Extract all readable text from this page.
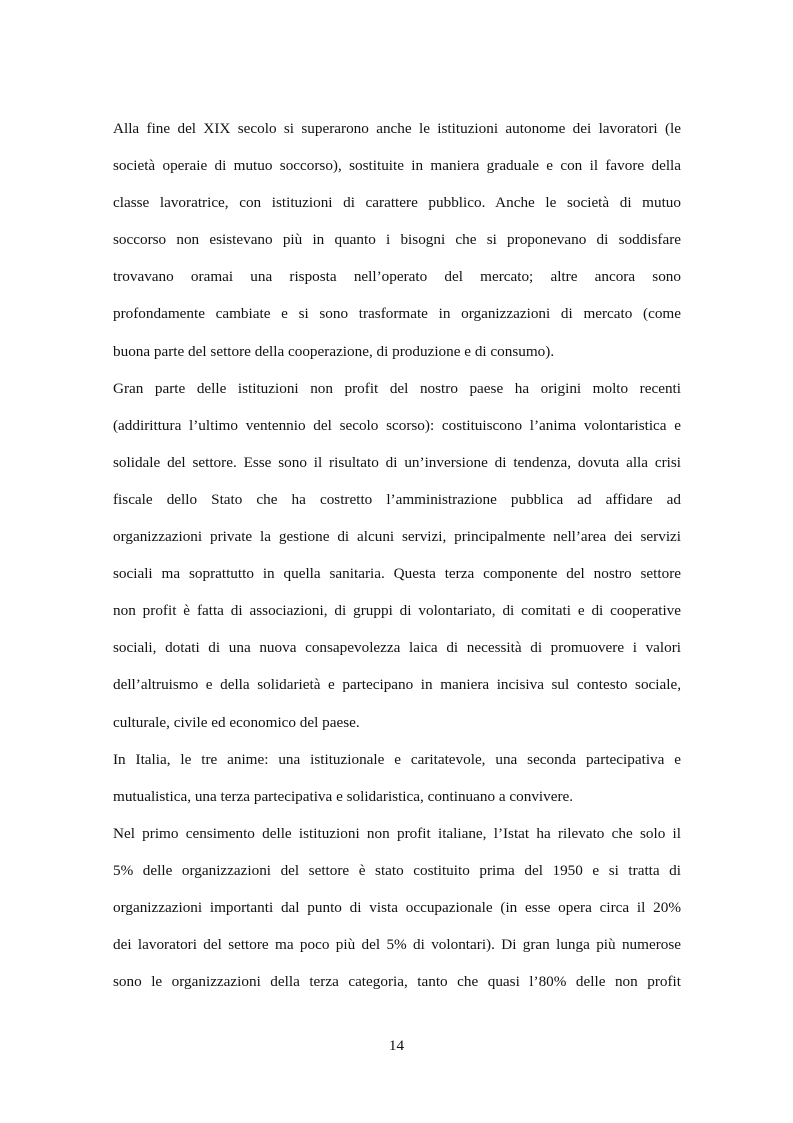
Alla fine del XIX secolo si superarono anche le istituzioni autonome dei lavoratori (le
società operaie di mutuo soccorso), sostituite in maniera graduale e con il favore della
classe lavoratrice, con istituzioni di carattere pubblico. Anche le società di mutuo
soccorso non esistevano più in quanto i bisogni che si proponevano di soddisfare
trovavano oramai una risposta nell’operato del mercato; altre ancora sono
profondamente cambiate e si sono trasformate in organizzazioni di mercato (come
buona parte del settore della cooperazione, di produzione e di consumo).
Gran parte delle istituzioni non profit del nostro paese ha origini molto recenti
(addirittura l’ultimo ventennio del secolo scorso): costituiscono l’anima volontaristica e
solidale del settore. Esse sono il risultato di un’inversione di tendenza, dovuta alla crisi
fiscale dello Stato che ha costretto l’amministrazione pubblica ad affidare ad
organizzazioni private la gestione di alcuni servizi, principalmente nell’area dei servizi
sociali ma soprattutto in quella sanitaria. Questa terza componente del nostro settore
non profit è fatta di associazioni, di gruppi di volontariato, di comitati e di cooperative
sociali, dotati di una nuova consapevolezza laica di necessità di promuovere i valori
dell’altruismo e della solidarietà e partecipano in maniera incisiva sul contesto sociale,
culturale, civile ed economico del paese.
In Italia, le tre anime: una istituzionale e caritatevole, una seconda partecipativa e
mutualistica, una terza partecipativa e solidaristica, continuano a convivere.
Nel primo censimento delle istituzioni non profit italiane, l’Istat ha rilevato che solo il
5% delle organizzazioni del settore è stato costituito prima del 1950 e si tratta di
organizzazioni importanti dal punto di vista occupazionale (in esse opera circa il 20%
dei lavoratori del settore ma poco più del 5% di volontari). Di gran lunga più numerose
sono le organizzazioni della terza categoria, tanto che quasi l’80% delle non profit
14
